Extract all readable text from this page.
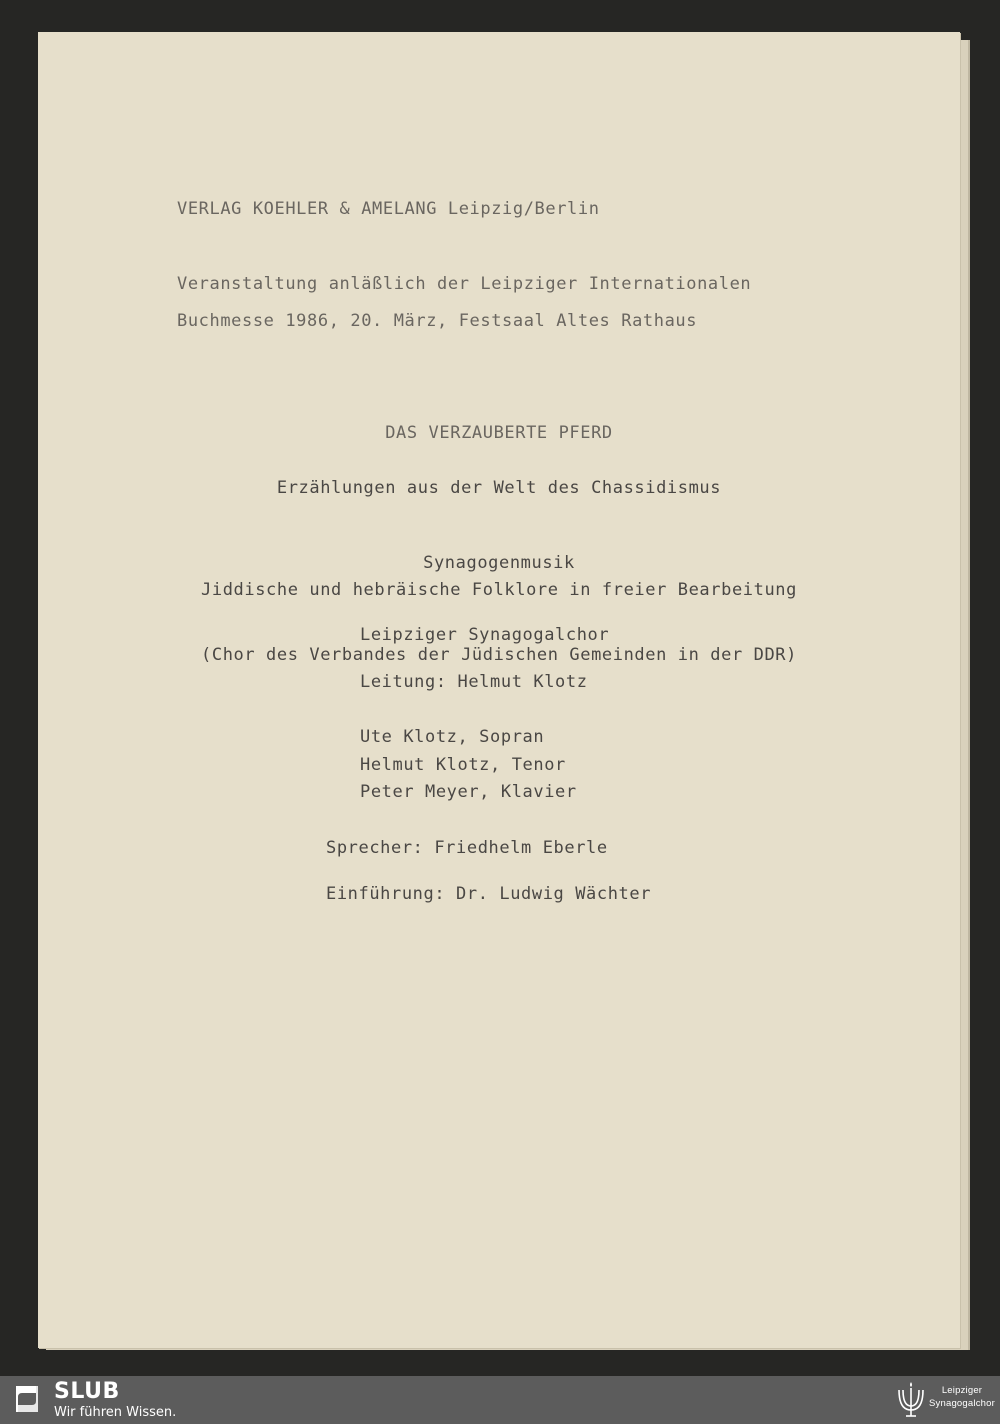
VERLAG KOEHLER & AMELANG Leipzig/Berlin
Veranstaltung anläßlich der Leipziger Internationalen
Buchmesse 1986, 20. März, Festsaal Altes Rathaus
DAS VERZAUBERTE PFERD
Erzählungen aus der Welt des Chassidismus
Synagogenmusik
Jiddische und hebräische Folklore in freier Bearbeitung
Leipziger Synagogalchor
(Chor des Verbandes der Jüdischen Gemeinden in der DDR)
Leitung: Helmut Klotz
Ute Klotz, Sopran
Helmut Klotz, Tenor
Peter Meyer, Klavier
Sprecher: Friedhelm Eberle
Einführung: Dr. Ludwig Wächter
SLUB
Wir führen Wissen.
Leipziger
Synagogalchor
